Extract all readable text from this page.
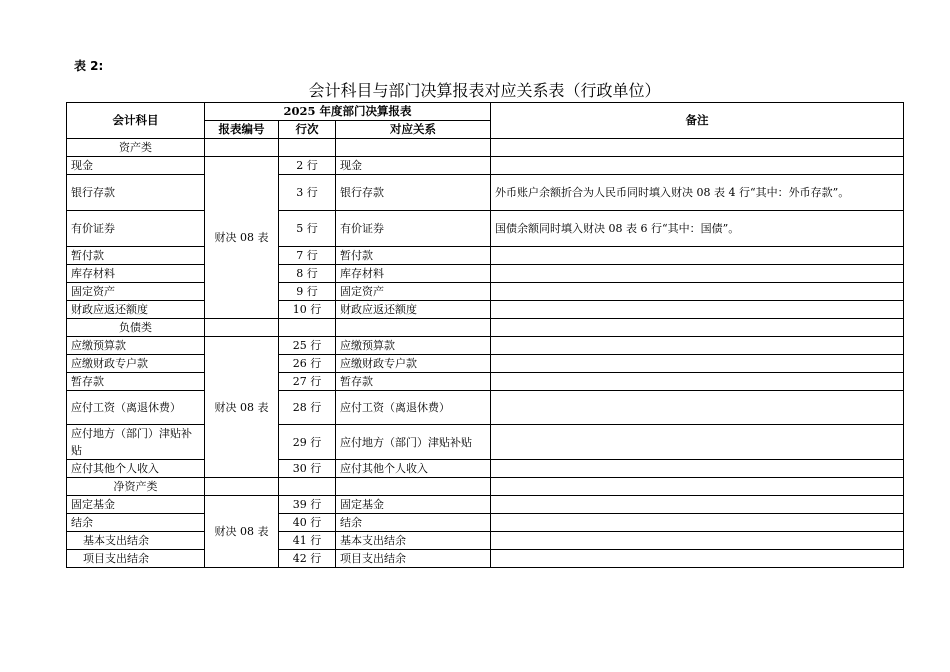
表 2:
会计科目与部门决算报表对应关系表（行政单位）
会计科目	2025 年度部门决算报表			备注
	报表编号	行次	对应关系	
资产类				
现金	财决 08 表	2 行	现金	
银行存款		3 行	银行存款	外币账户余额折合为人民币同时填入财决 08 表 4 行“其中：外币存款”。
有价证券		5 行	有价证券	国债余额同时填入财决 08 表 6 行“其中：国债”。
暂付款		7 行	暂付款	
库存材料		8 行	库存材料	
固定资产		9 行	固定资产	
财政应返还额度		10 行	财政应返还额度	
负债类				
应缴预算款	财决 08 表	25 行	应缴预算款	
应缴财政专户款		26 行	应缴财政专户款	
暂存款		27 行	暂存款	
应付工资（离退休费）		28 行	应付工资（离退休费）	
应付地方（部门）津贴补贴		29 行	应付地方（部门）津贴补贴	
应付其他个人收入		30 行	应付其他个人收入	
净资产类				
固定基金	财决 08 表	39 行	固定基金	
结余		40 行	结余	
基本支出结余		41 行	基本支出结余	
项目支出结余		42 行	项目支出结余	
